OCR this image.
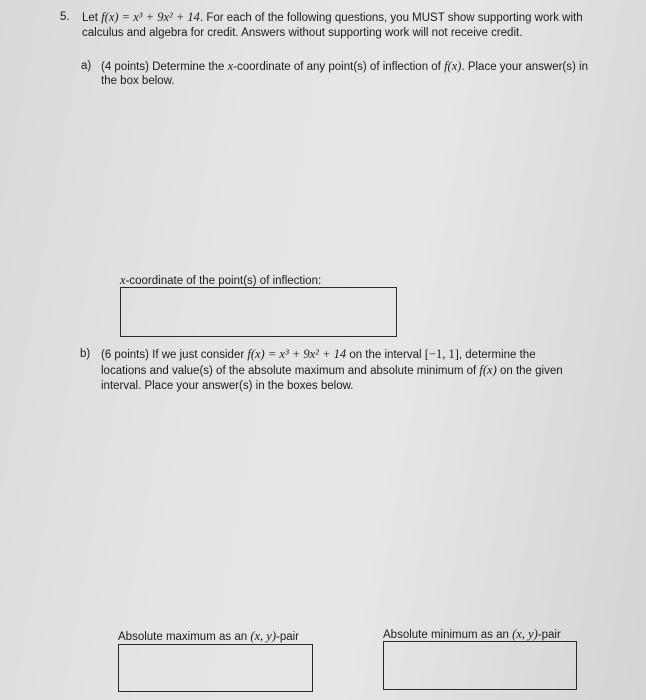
5. Let f(x) = x³ + 9x² + 14. For each of the following questions, you MUST show supporting work with
calculus and algebra for credit. Answers without supporting work will not receive credit.
a) (4 points) Determine the x-coordinate of any point(s) of inflection of f(x). Place your answer(s) in
the box below.
x-coordinate of the point(s) of inflection:
b) (6 points) If we just consider f(x) = x³ + 9x² + 14 on the interval [−1, 1], determine the
locations and value(s) of the absolute maximum and absolute minimum of f(x) on the given
interval. Place your answer(s) in the boxes below.
Absolute maximum as an (x, y)-pair	Absolute minimum as an (x, y)-pair
